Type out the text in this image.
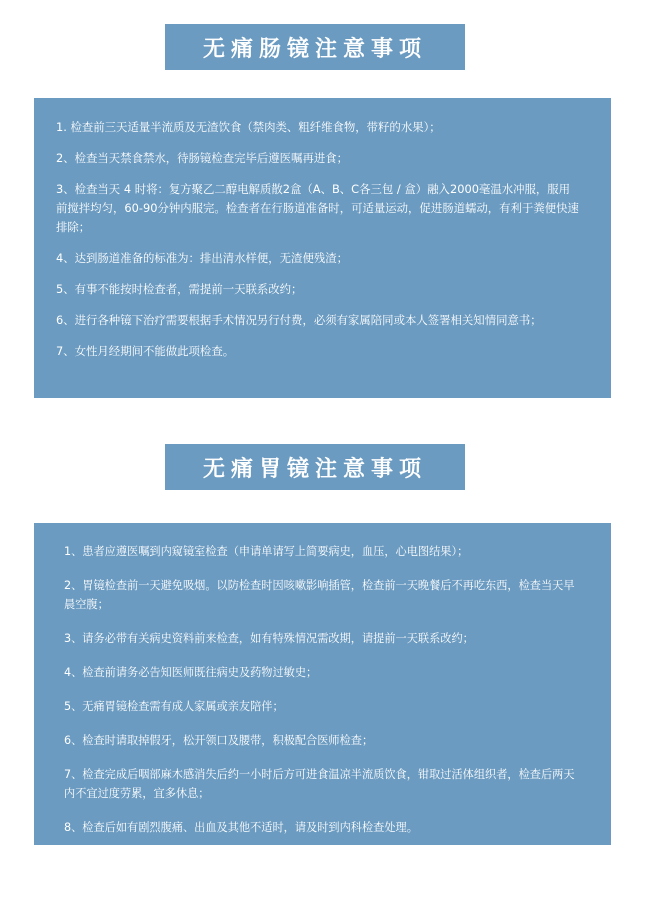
无痛肠镜注意事项

1. 检查前三天适量半流质及无渣饮食（禁肉类、粗纤维食物，带籽的水果）；

2、检查当天禁食禁水，待肠镜检查完毕后遵医嘱再进食；

3、检查当天 4 时将：复方聚乙二醇电解质散2盒（A、B、C各三包 / 盒）融入2000毫温水冲服，服用前搅拌均匀，60-90分钟内服完。检查者在行肠道准备时，可适量运动，促进肠道蠕动，有利于粪便快速排除；

4、达到肠道准备的标准为：排出清水样便，无渣便残渣；

5、有事不能按时检查者，需提前一天联系改约；

6、进行各种镜下治疗需要根据手术情况另行付费，必须有家属陪同或本人签署相关知情同意书；

7、女性月经期间不能做此项检查。

无痛胃镜注意事项

1、患者应遵医嘱到内窥镜室检查（申请单请写上简要病史，血压，心电图结果）；

2、胃镜检查前一天避免吸烟。以防检查时因咳嗽影响插管，检查前一天晚餐后不再吃东西，检查当天早晨空腹；

3、请务必带有关病史资料前来检查，如有特殊情况需改期，请提前一天联系改约；

4、检查前请务必告知医师既往病史及药物过敏史；

5、无痛胃镜检查需有成人家属或亲友陪伴；

6、检查时请取掉假牙，松开领口及腰带，积极配合医师检查；

7、检查完成后咽部麻木感消失后约一小时后方可进食温凉半流质饮食，钳取过活体组织者，检查后两天内不宜过度劳累，宜多休息；

8、检查后如有剧烈腹痛、出血及其他不适时，请及时到内科检查处理。
